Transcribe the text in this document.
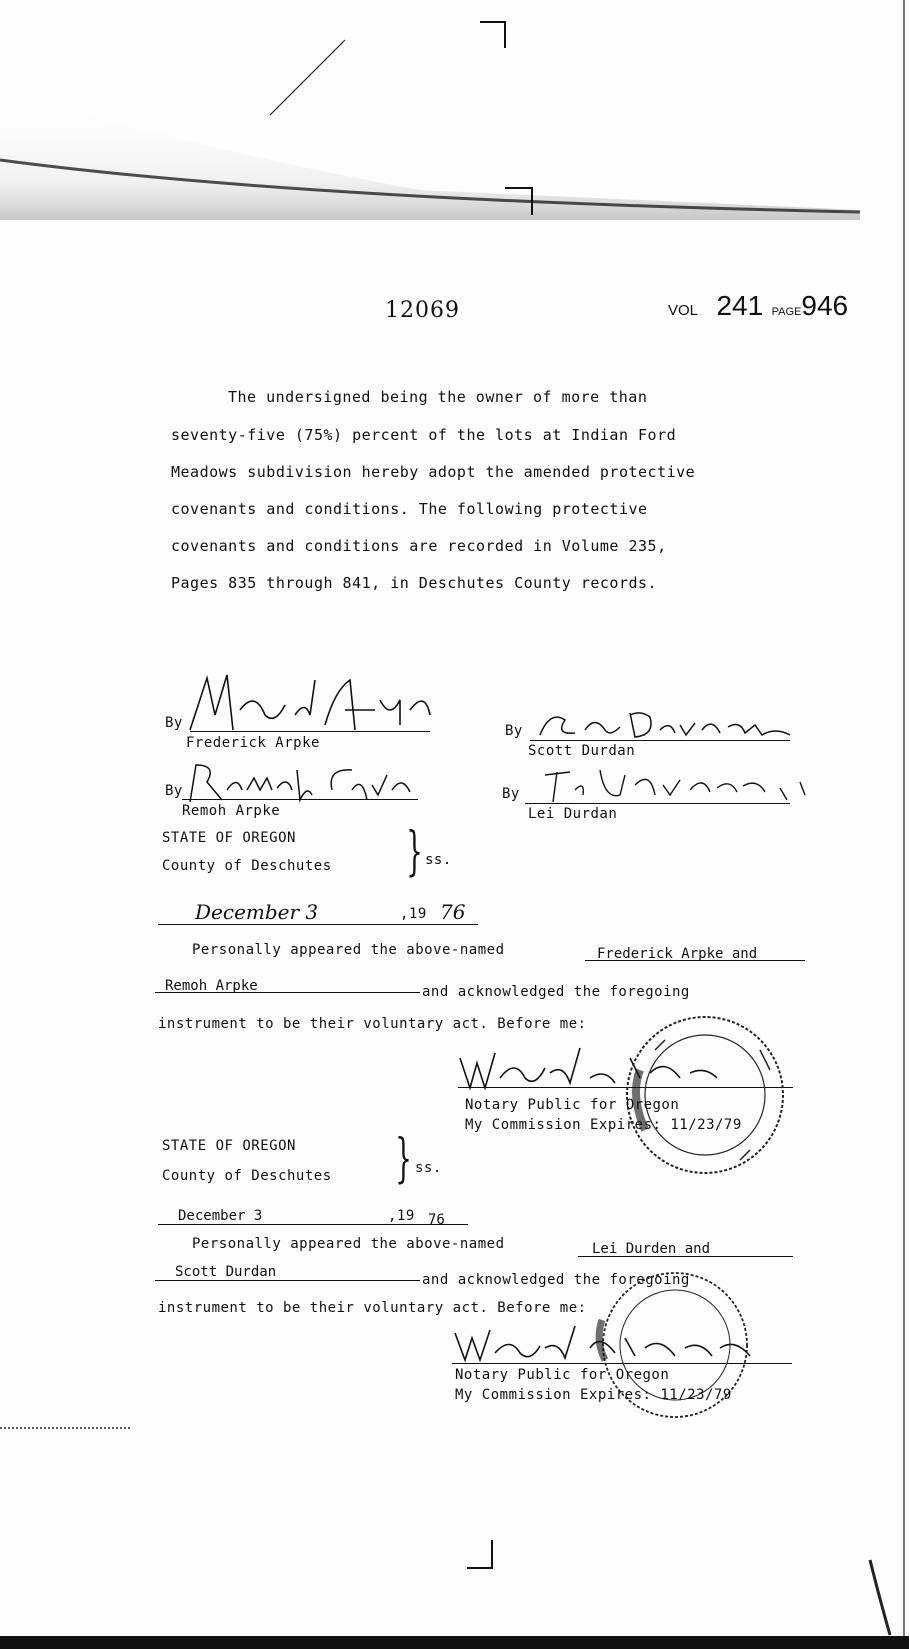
12069	VOL 241 PAGE946
The undersigned being the owner of more than
seventy-five (75%) percent of the lots at Indian Ford
Meadows subdivision hereby adopt the amended protective
covenants and conditions. The following protective
covenants and conditions are recorded in Volume 235,
Pages 835 through 841, in Deschutes County records.
By
Frederick Arpke
By
Remoh Arpke
By
Scott Durdan
By
Lei Durdan
STATE OF OREGON
County of Deschutes } ss.
December 3	,19 76
Personally appeared the above-named	Frederick Arpke and
Remoh Arpke	and acknowledged the foregoing
instrument to be their voluntary act. Before me:
Notary Public for Oregon
My Commission Expires: 11/23/79
STATE OF OREGON
County of Deschutes } ss.
December 3	,19 76
Personally appeared the above-named	Lei Durden and
Scott Durdan	and acknowledged the foregoing
instrument to be their voluntary act. Before me:
Notary Public for Oregon
My Commission Expires: 11/23/79
